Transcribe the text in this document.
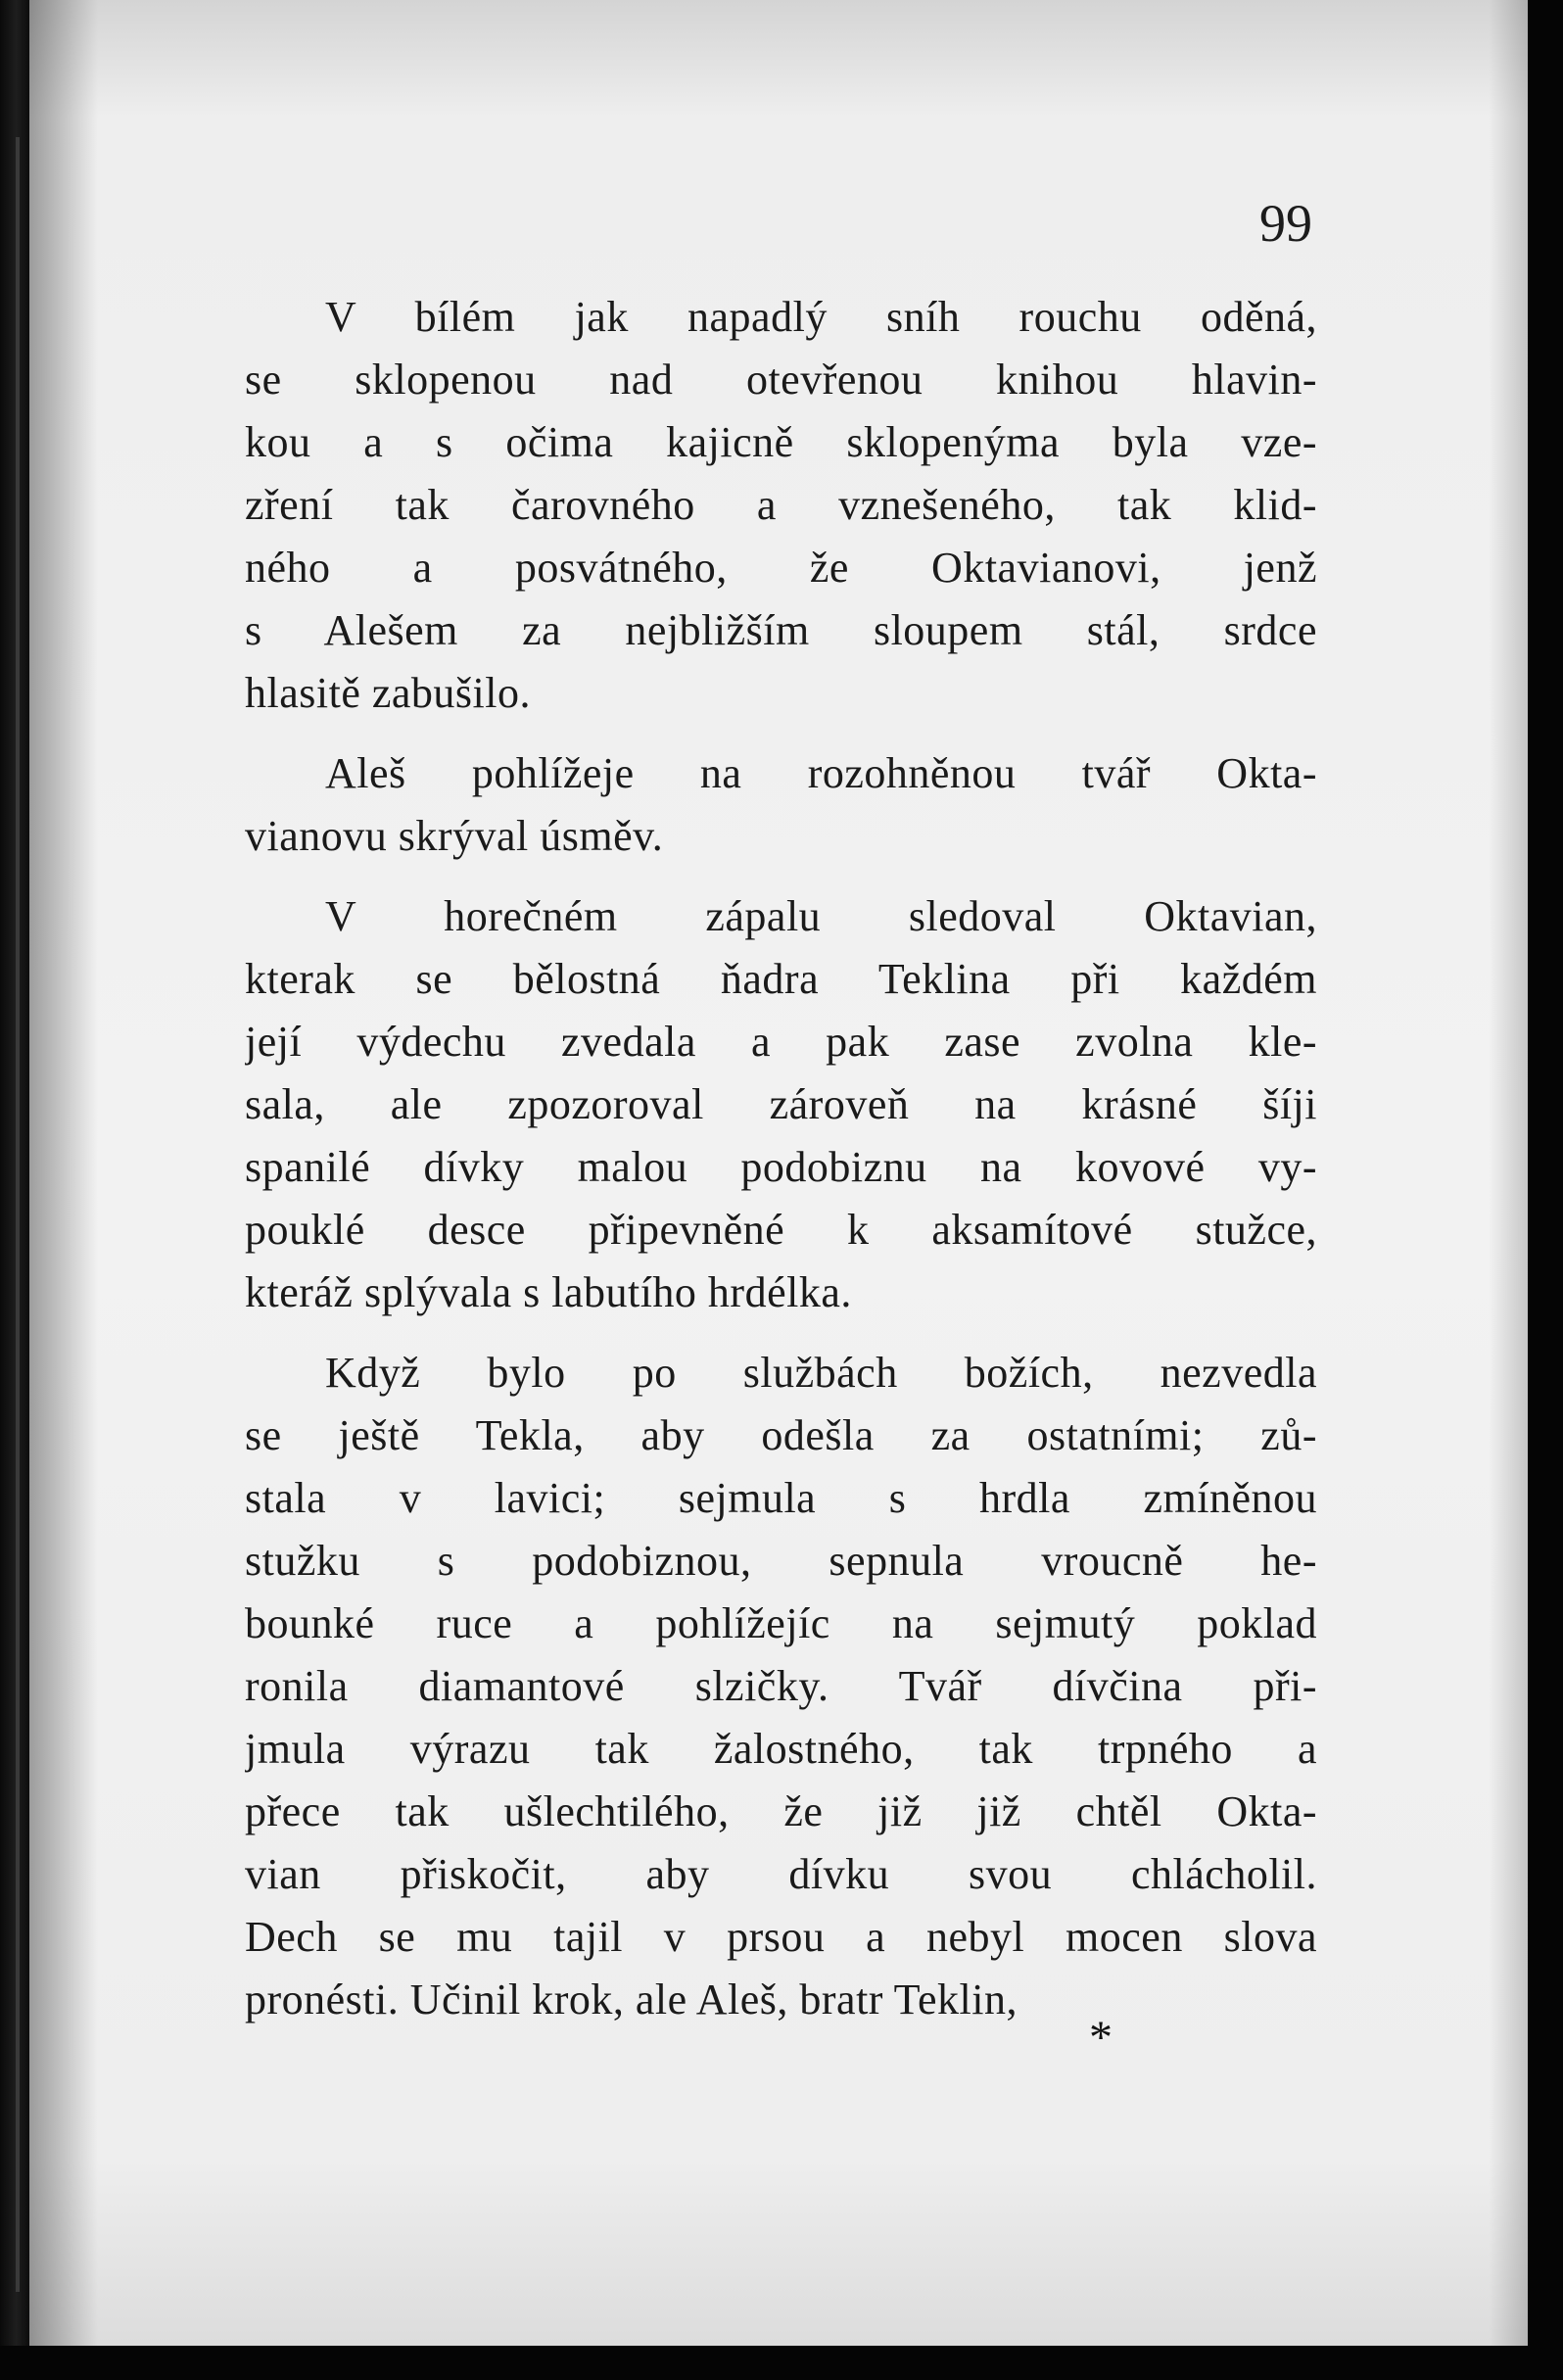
99
V bílém jak napadlý sníh rouchu oděná,
se sklopenou nad otevřenou knihou hlavin-
kou a s očima kajicně sklopenýma byla vze-
zření tak čarovného a vznešeného, tak klid-
ného a posvátného, že Oktavianovi, jenž
s Alešem za nejbližším sloupem stál, srdce
hlasitě zabušilo.
Aleš pohlížeje na rozohněnou tvář Okta-
vianovu skrýval úsměv.
V horečném zápalu sledoval Oktavian,
kterak se bělostná ňadra Teklina při každém
její výdechu zvedala a pak zase zvolna kle-
sala, ale zpozoroval zároveň na krásné šíji
spanilé dívky malou podobiznu na kovové vy-
pouklé desce připevněné k aksamítové stužce,
kteráž splývala s labutího hrdélka.
Když bylo po službách božích, nezvedla
se ještě Tekla, aby odešla za ostatními; zů-
stala v lavici; sejmula s hrdla zmíněnou
stužku s podobiznou, sepnula vroucně he-
bounké ruce a pohlížejíc na sejmutý poklad
ronila diamantové slzičky. Tvář dívčina při-
jmula výrazu tak žalostného, tak trpného a
přece tak ušlechtilého, že již již chtěl Okta-
vian přiskočit, aby dívku svou chlácholil.
Dech se mu tajil v prsou a nebyl mocen slova
pronésti. Učinil krok, ale Aleš, bratr Teklin,
*
